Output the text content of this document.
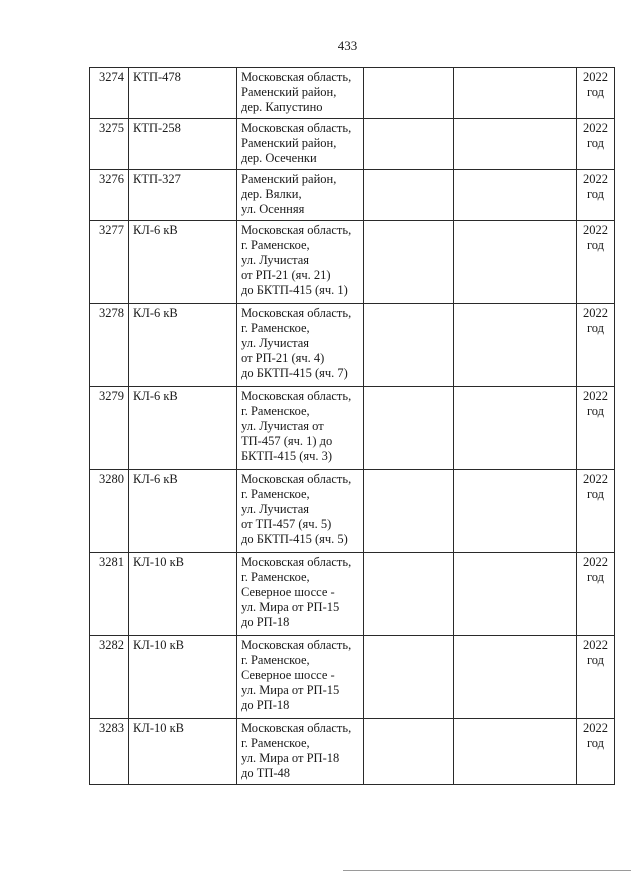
433
3274	КТП-478	Московская область,
Раменский район,
дер. Капустино			2022
год

3275	КТП-258	Московская область,
Раменский район,
дер. Осеченки			2022
год

3276	КТП-327	Раменский район,
дер. Вялки,
ул. Осенняя			2022
год

3277	КЛ-6 кВ	Московская область,
г. Раменское,
ул. Лучистая
от РП-21 (яч. 21)
до БКТП-415 (яч. 1)			2022
год

3278	КЛ-6 кВ	Московская область,
г. Раменское,
ул. Лучистая
от РП-21 (яч. 4)
до БКТП-415 (яч. 7)			2022
год

3279	КЛ-6 кВ	Московская область,
г. Раменское,
ул. Лучистая от
ТП-457 (яч. 1) до
БКТП-415 (яч. 3)			2022
год

3280	КЛ-6 кВ	Московская область,
г. Раменское,
ул. Лучистая
от ТП-457 (яч. 5)
до БКТП-415 (яч. 5)			2022
год

3281	КЛ-10 кВ	Московская область,
г. Раменское,
Северное шоссе -
ул. Мира от РП-15
до РП-18			2022
год

3282	КЛ-10 кВ	Московская область,
г. Раменское,
Северное шоссе -
ул. Мира от РП-15
до РП-18			2022
год

3283	КЛ-10 кВ	Московская область,
г. Раменское,
ул. Мира от РП-18
до ТП-48			2022
год
